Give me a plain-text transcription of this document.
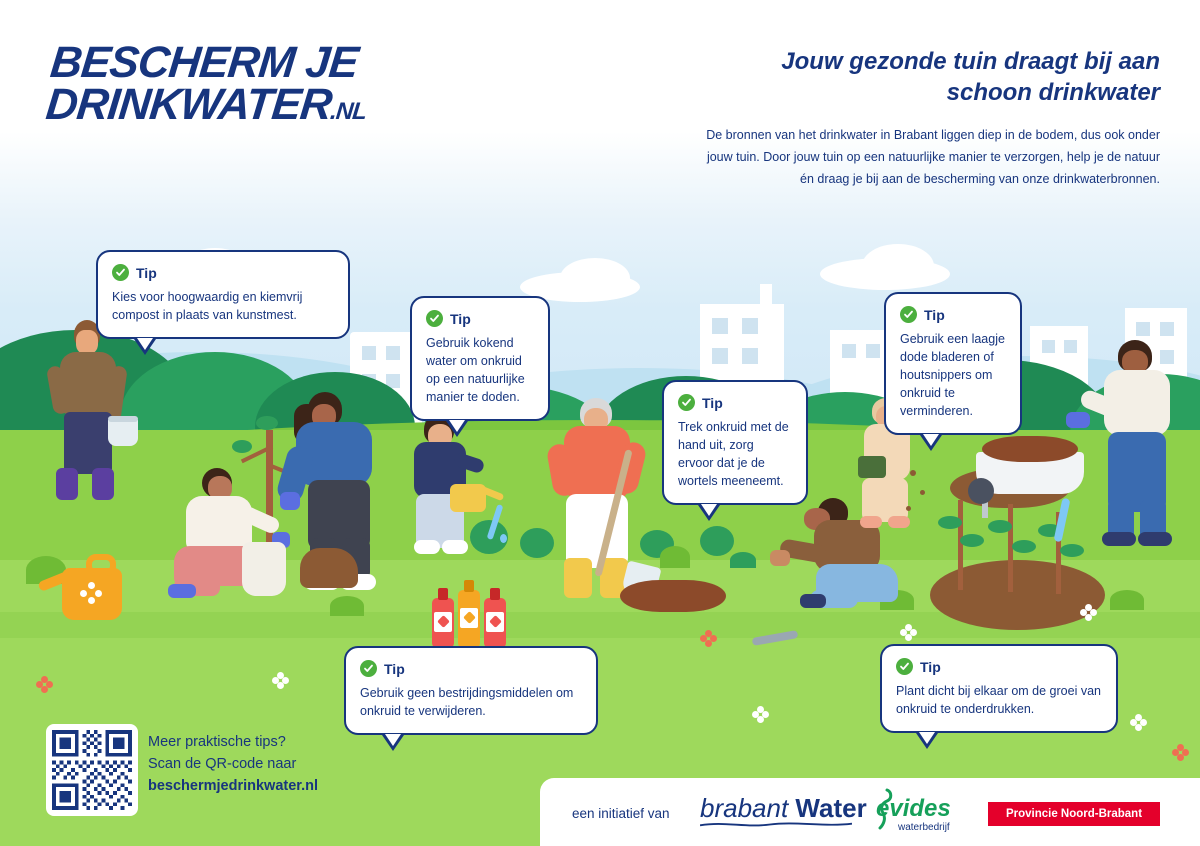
BESCHERM JE
DRINKWATER.NL
Jouw gezonde tuin draagt bij aan schoon drinkwater
De bronnen van het drinkwater in Brabant liggen diep in de bodem, dus ook onder jouw tuin. Door jouw tuin op een natuurlijke manier te verzorgen, help je de natuur én draag je bij aan de bescherming van onze drinkwaterbronnen.
Tip
Kies voor hoogwaardig en kiemvrij compost in plaats van kunstmest.	Tip
Gebruik kokend water om onkruid op een natuurlijke manier te doden.	Tip
Trek onkruid met de hand uit, zorg ervoor dat je de wortels meeneemt.
Tip
Gebruik een laagje dode bladeren of houtsnippers om onkruid te verminderen.
Tip
Gebruik geen bestrijdingsmiddelen om onkruid te verwijderen.
Tip
Plant dicht bij elkaar om de groei van onkruid te onderdrukken.
Meer praktische tips?
Scan de QR-code naar
beschermjedrinkwater.nl
een initiatief van brabant Water evides
waterbedrijf
Provincie Noord-Brabant
